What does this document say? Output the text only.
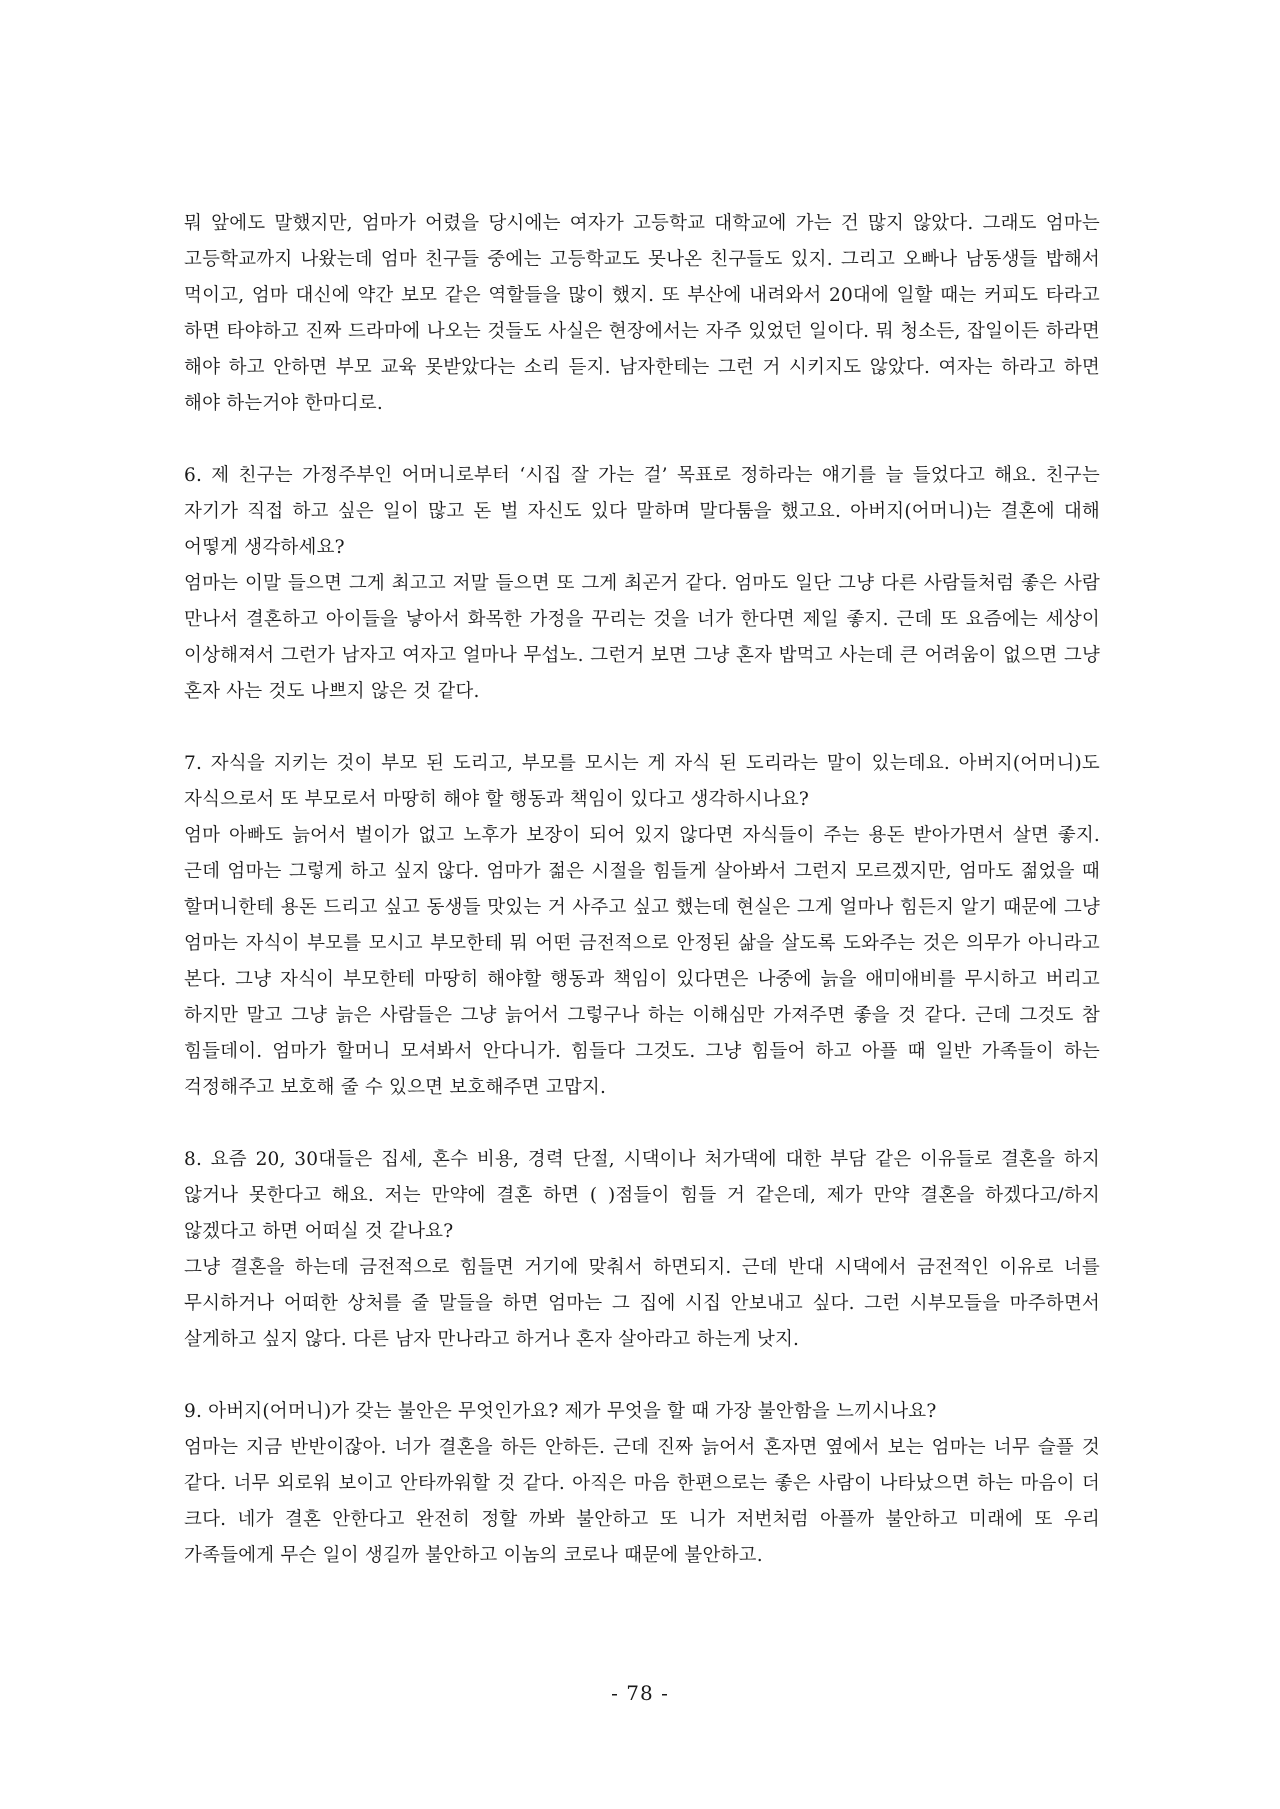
뭐 앞에도 말했지만, 엄마가 어렸을 당시에는 여자가 고등학교 대학교에 가는 건 많지 않았다. 그래도 엄마는 고등학교까지 나왔는데 엄마 친구들 중에는 고등학교도 못나온 친구들도 있지. 그리고 오빠나 남동생들 밥해서 먹이고, 엄마 대신에 약간 보모 같은 역할들을 많이 했지. 또 부산에 내려와서 20대에 일할 때는 커피도 타라고 하면 타야하고 진짜 드라마에 나오는 것들도 사실은 현장에서는 자주 있었던 일이다. 뭐 청소든, 잡일이든 하라면 해야 하고 안하면 부모 교육 못받았다는 소리 듣지. 남자한테는 그런 거 시키지도 않았다. 여자는 하라고 하면 해야 하는거야 한마디로.

6. 제 친구는 가정주부인 어머니로부터 ‘시집 잘 가는 걸’ 목표로 정하라는 얘기를 늘 들었다고 해요. 친구는 자기가 직접 하고 싶은 일이 많고 돈 벌 자신도 있다 말하며 말다툼을 했고요. 아버지(어머니)는 결혼에 대해 어떻게 생각하세요?

엄마는 이말 들으면 그게 최고고 저말 들으면 또 그게 최곤거 같다. 엄마도 일단 그냥 다른 사람들처럼 좋은 사람 만나서 결혼하고 아이들을 낳아서 화목한 가정을 꾸리는 것을 너가 한다면 제일 좋지. 근데 또 요즘에는 세상이 이상해져서 그런가 남자고 여자고 얼마나 무섭노. 그런거 보면 그냥 혼자 밥먹고 사는데 큰 어려움이 없으면 그냥 혼자 사는 것도 나쁘지 않은 것 같다.

7. 자식을 지키는 것이 부모 된 도리고, 부모를 모시는 게 자식 된 도리라는 말이 있는데요. 아버지(어머니)도 자식으로서 또 부모로서 마땅히 해야 할 행동과 책임이 있다고 생각하시나요?

엄마 아빠도 늙어서 벌이가 없고 노후가 보장이 되어 있지 않다면 자식들이 주는 용돈 받아가면서 살면 좋지. 근데 엄마는 그렇게 하고 싶지 않다. 엄마가 젊은 시절을 힘들게 살아봐서 그런지 모르겠지만, 엄마도 젊었을 때 할머니한테 용돈 드리고 싶고 동생들 맛있는 거 사주고 싶고 했는데 현실은 그게 얼마나 힘든지 알기 때문에 그냥 엄마는 자식이 부모를 모시고 부모한테 뭐 어떤 금전적으로 안정된 삶을 살도록 도와주는 것은 의무가 아니라고 본다. 그냥 자식이 부모한테 마땅히 해야할 행동과 책임이 있다면은 나중에 늙을 애미애비를 무시하고 버리고 하지만 말고 그냥 늙은 사람들은 그냥 늙어서 그렇구나 하는 이해심만 가져주면 좋을 것 같다. 근데 그것도 참 힘들데이. 엄마가 할머니 모셔봐서 안다니가. 힘들다 그것도. 그냥 힘들어 하고 아플 때 일반 가족들이 하는 걱정해주고 보호해 줄 수 있으면 보호해주면 고맙지.

8. 요즘 20, 30대들은 집세, 혼수 비용, 경력 단절, 시댁이나 처가댁에 대한 부담 같은 이유들로 결혼을 하지 않거나 못한다고 해요. 저는 만약에 결혼 하면 ( )점들이 힘들 거 같은데, 제가 만약 결혼을 하겠다고/하지 않겠다고 하면 어떠실 것 같나요?

그냥 결혼을 하는데 금전적으로 힘들면 거기에 맞춰서 하면되지. 근데 반대 시댁에서 금전적인 이유로 너를 무시하거나 어떠한 상처를 줄 말들을 하면 엄마는 그 집에 시집 안보내고 싶다. 그런 시부모들을 마주하면서 살게하고 싶지 않다. 다른 남자 만나라고 하거나 혼자 살아라고 하는게 낫지.

9. 아버지(어머니)가 갖는 불안은 무엇인가요? 제가 무엇을 할 때 가장 불안함을 느끼시나요?

엄마는 지금 반반이잖아. 너가 결혼을 하든 안하든. 근데 진짜 늙어서 혼자면 옆에서 보는 엄마는 너무 슬플 것 같다. 너무 외로워 보이고 안타까워할 것 같다. 아직은 마음 한편으로는 좋은 사람이 나타났으면 하는 마음이 더 크다. 네가 결혼 안한다고 완전히 정할 까봐 불안하고 또 니가 저번처럼 아플까 불안하고 미래에 또 우리 가족들에게 무슨 일이 생길까 불안하고 이놈의 코로나 때문에 불안하고.

- 78 -
